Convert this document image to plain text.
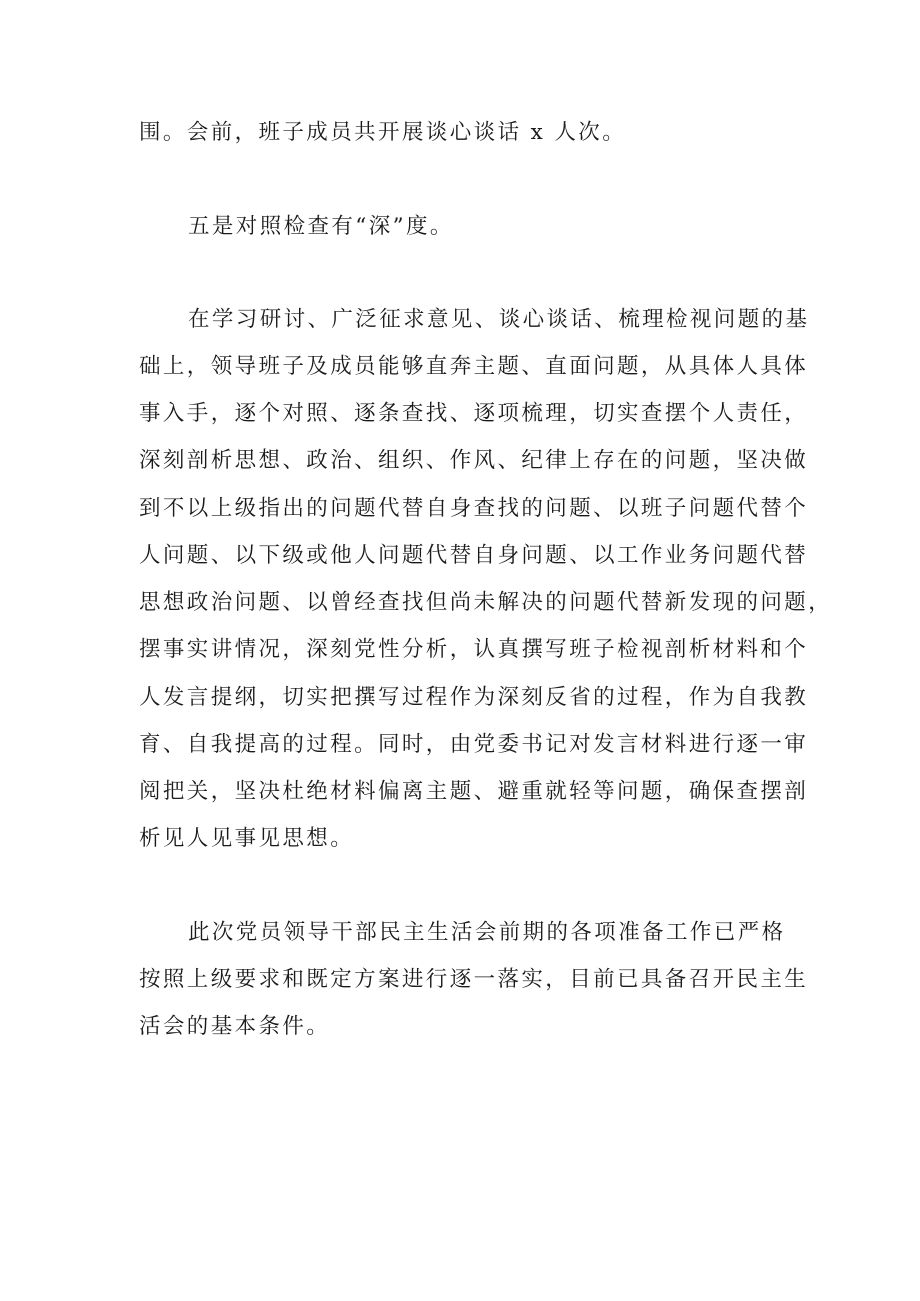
围。会前，班子成员共开展谈心谈话 x 人次。

五是对照检查有“深”度。

在学习研讨、广泛征求意见、谈心谈话、梳理检视问题的基

础上，领导班子及成员能够直奔主题、直面问题，从具体人具体

事入手，逐个对照、逐条查找、逐项梳理，切实查摆个人责任，

深刻剖析思想、政治、组织、作风、纪律上存在的问题，坚决做

到不以上级指出的问题代替自身查找的问题、以班子问题代替个

人问题、以下级或他人问题代替自身问题、以工作业务问题代替

思想政治问题、以曾经查找但尚未解决的问题代替新发现的问题，

摆事实讲情况，深刻党性分析，认真撰写班子检视剖析材料和个

人发言提纲，切实把撰写过程作为深刻反省的过程，作为自我教

育、自我提高的过程。同时，由党委书记对发言材料进行逐一审

阅把关，坚决杜绝材料偏离主题、避重就轻等问题，确保查摆剖

析见人见事见思想。

此次党员领导干部民主生活会前期的各项准备工作已严格

按照上级要求和既定方案进行逐一落实，目前已具备召开民主生

活会的基本条件。
